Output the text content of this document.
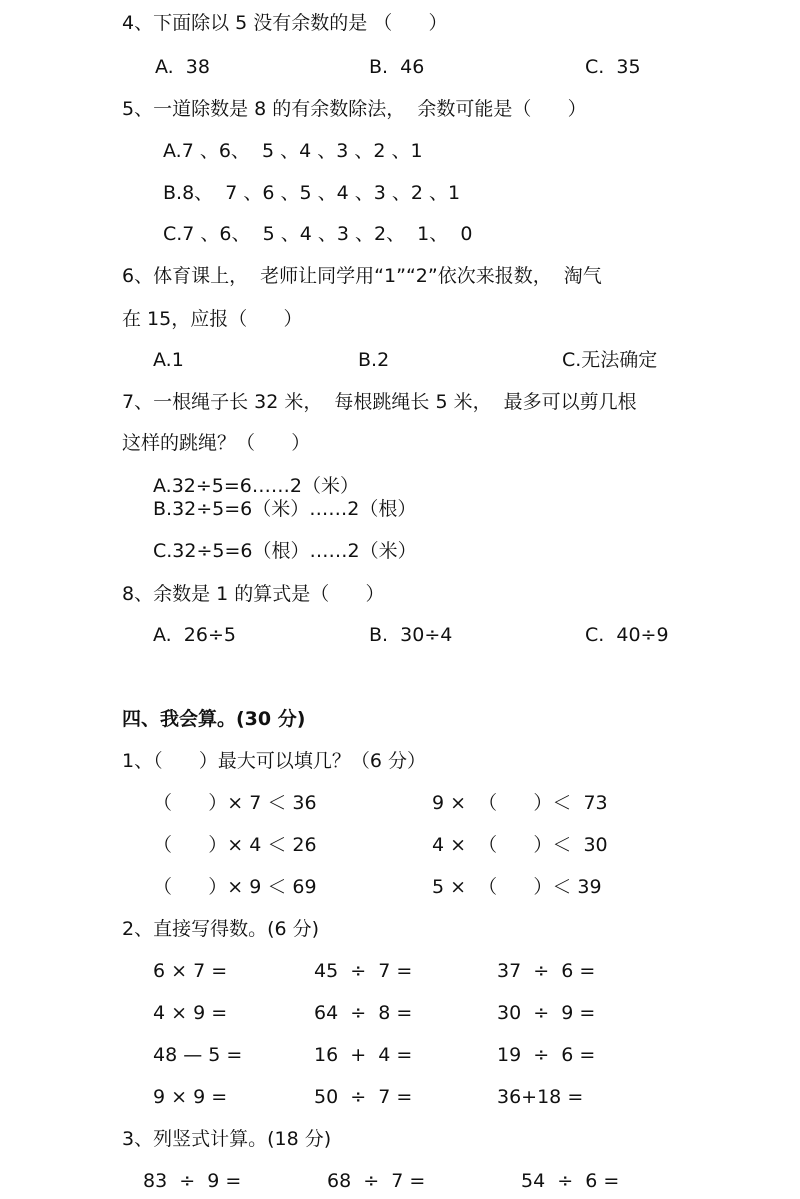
4、下面除以 5 没有余数的是 （      ）
A.  38	B.  46	C.  35
5、一道除数是 8 的有余数除法，  余数可能是（      ）
A.7 、6、  5 、4 、3 、2 、1
B.8、  7 、6 、5 、4 、3 、2 、1
C.7 、6、  5 、4 、3 、2、  1、  0
6、体育课上，  老师让同学用“1”“2”依次来报数，  淘气
在 15，应报（      ）
A.1	B.2	C.无法确定
7、一根绳子长 32 米，  每根跳绳长 5 米，  最多可以剪几根
这样的跳绳？（      ）
A.32÷5=6……2（米）
B.32÷5=6（米）……2（根）
C.32÷5=6（根）……2（米）
8、余数是 1 的算式是（      ）
A.  26÷5	B.  30÷4	C.  40÷9
四、我会算。(30 分)
1、（      ）最大可以填几？（6 分）
（      ）× 7 ＜ 36	9 ×  （      ）＜  73
（      ）× 4 ＜ 26	4 ×  （      ）＜  30
（      ）× 9 ＜ 69	5 ×  （      ）＜ 39
2、直接写得数。(6 分)
6 × 7 =	45  ÷  7 =	37  ÷  6 =
4 × 9 =	64  ÷  8 =	30  ÷  9 =
48 — 5 =	16  +  4 =	19  ÷  6 =
9 × 9 =	50  ÷  7 =	36+18 =
3、列竖式计算。(18 分)
83  ÷  9 =	68  ÷  7 =	54  ÷  6 =
